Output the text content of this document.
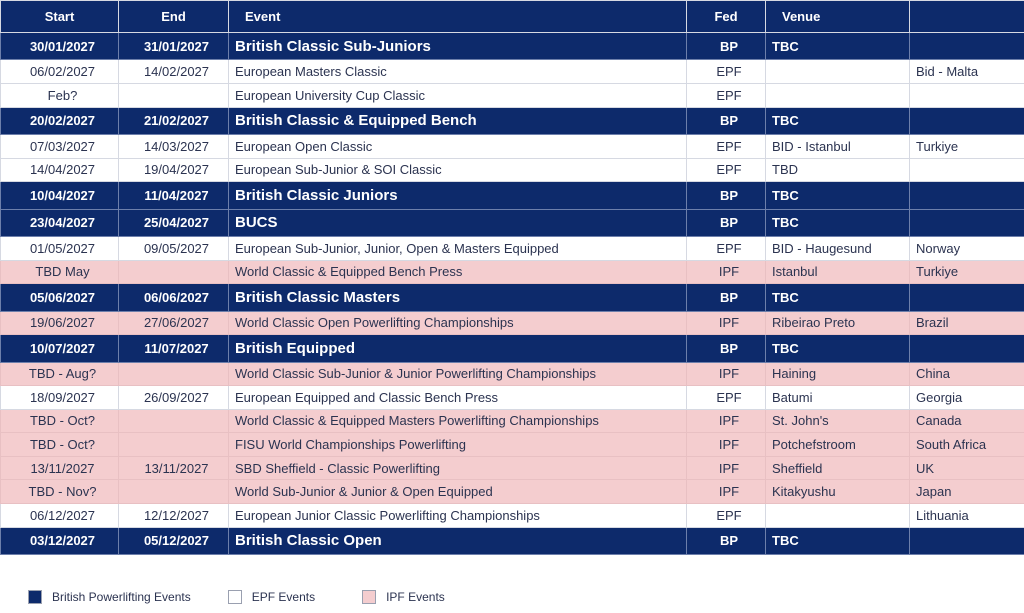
Start	End	Event	Fed	Venue	
30/01/2027	31/01/2027	British Classic Sub-Juniors	BP	TBC	
06/02/2027	14/02/2027	European Masters Classic	EPF		Bid - Malta
Feb?		European University Cup Classic	EPF		
20/02/2027	21/02/2027	British Classic & Equipped Bench	BP	TBC	
07/03/2027	14/03/2027	European Open Classic	EPF	BID - Istanbul	Turkiye
14/04/2027	19/04/2027	European Sub-Junior & SOI Classic	EPF	TBD	
10/04/2027	11/04/2027	British Classic Juniors	BP	TBC	
23/04/2027	25/04/2027	BUCS	BP	TBC	
01/05/2027	09/05/2027	European Sub-Junior, Junior, Open & Masters Equipped	EPF	BID - Haugesund	Norway
TBD May		World Classic & Equipped Bench Press	IPF	Istanbul	Turkiye
05/06/2027	06/06/2027	British Classic Masters	BP	TBC	
19/06/2027	27/06/2027	World Classic Open Powerlifting Championships	IPF	Ribeirao Preto	Brazil
10/07/2027	11/07/2027	British Equipped	BP	TBC	
TBD - Aug?		World Classic Sub-Junior & Junior Powerlifting Championships	IPF	Haining	China
18/09/2027	26/09/2027	European Equipped and Classic Bench Press	EPF	Batumi	Georgia
TBD - Oct?		World Classic & Equipped Masters Powerlifting Championships	IPF	St. John's	Canada
TBD - Oct?		FISU World Championships Powerlifting	IPF	Potchefstroom	South Africa
13/11/2027	13/11/2027	SBD Sheffield - Classic Powerlifting	IPF	Sheffield	UK
TBD - Nov?		World Sub-Junior & Junior & Open Equipped	IPF	Kitakyushu	Japan
06/12/2027	12/12/2027	European Junior Classic Powerlifting Championships	EPF		Lithuania
03/12/2027	05/12/2027	British Classic Open	BP	TBC	
British Powerlifting Events	EPF Events	IPF Events
